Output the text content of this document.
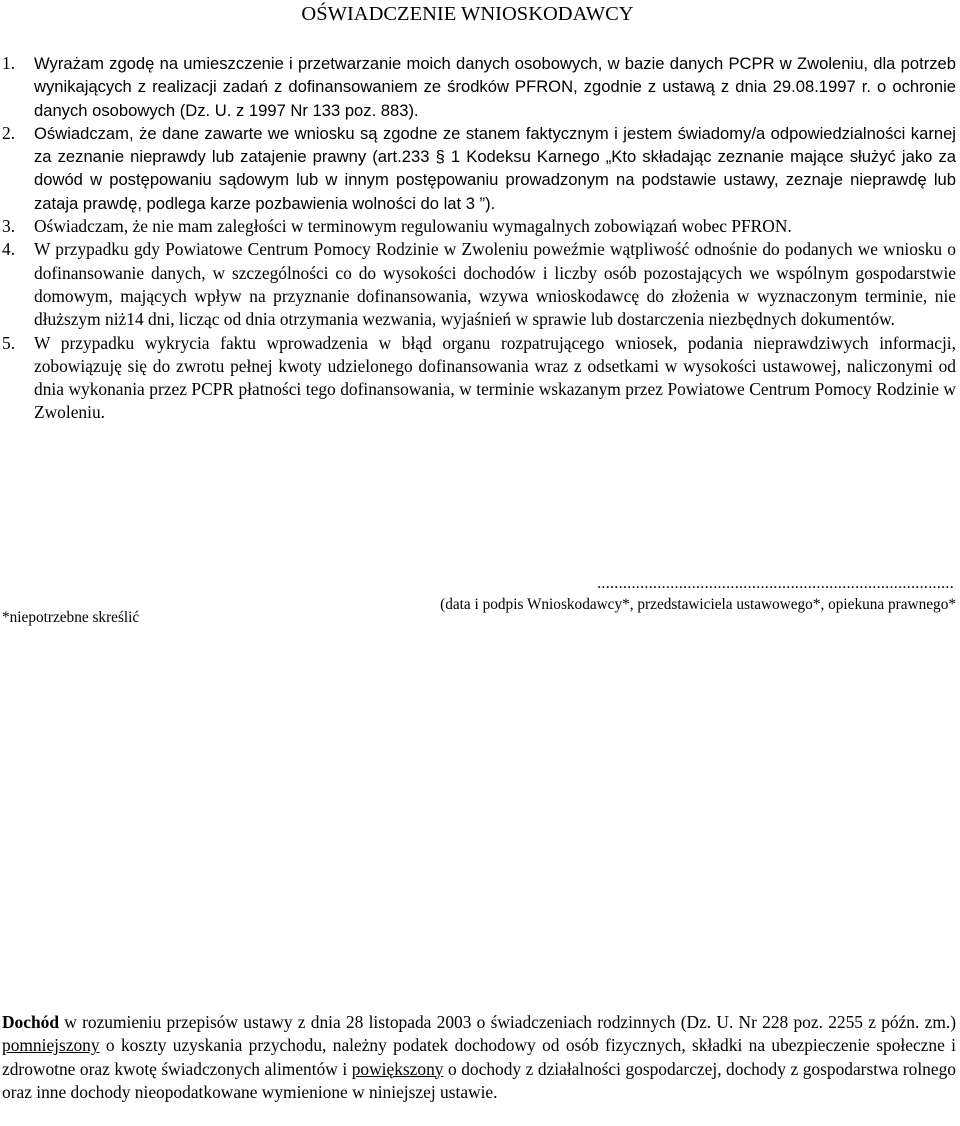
OŚWIADCZENIE WNIOSKODAWCY
1. Wyrażam zgodę na umieszczenie i przetwarzanie moich danych osobowych, w bazie danych PCPR w Zwoleniu, dla potrzeb wynikających z realizacji zadań z dofinansowaniem ze środków PFRON, zgodnie z ustawą z dnia 29.08.1997 r. o ochronie danych osobowych (Dz. U. z 1997 Nr 133 poz. 883).
2. Oświadczam, że dane zawarte we wniosku są zgodne ze stanem faktycznym i jestem świadomy/a odpowiedzialności karnej za zeznanie nieprawdy lub zatajenie prawny (art.233 § 1 Kodeksu Karnego „Kto składając zeznanie mające służyć jako za dowód w postępowaniu sądowym lub w innym postępowaniu prowadzonym na podstawie ustawy, zeznaje nieprawdę lub zataja prawdę, podlega karze pozbawienia wolności do lat 3 ”).
3. Oświadczam, że nie mam zaległości w terminowym regulowaniu wymagalnych zobowiązań wobec PFRON.
4. W przypadku gdy Powiatowe Centrum Pomocy Rodzinie w Zwoleniu poweźmie wątpliwość odnośnie do podanych we wniosku o dofinansowanie danych, w szczególności co do wysokości dochodów i liczby osób pozostających we wspólnym gospodarstwie domowym, mających wpływ na przyznanie dofinansowania, wzywa wnioskodawcę do złożenia w wyznaczonym terminie, nie dłuższym niż14 dni, licząc od dnia otrzymania wezwania, wyjaśnień w sprawie lub dostarczenia niezbędnych dokumentów.
5. W przypadku wykrycia faktu wprowadzenia w błąd organu rozpatrującego wniosek, podania nieprawdziwych informacji, zobowiązuję się do zwrotu pełnej kwoty udzielonego dofinansowania wraz z odsetkami w wysokości ustawowej, naliczonymi od dnia wykonania przez PCPR płatności tego dofinansowania, w terminie wskazanym przez Powiatowe Centrum Pomocy Rodzinie w Zwoleniu.
...................................................................................
(data i podpis Wnioskodawcy*, przedstawiciela ustawowego*, opiekuna prawnego*
*niepotrzebne skreślić

Dochód w rozumieniu przepisów ustawy z dnia 28 listopada 2003 o świadczeniach rodzinnych (Dz. U. Nr 228 poz. 2255 z późn. zm.) pomniejszony o koszty uzyskania przychodu, należny podatek dochodowy od osób fizycznych, składki na ubezpieczenie społeczne i zdrowotne oraz kwotę świadczonych alimentów i powiększony o dochody z działalności gospodarczej, dochody z gospodarstwa rolnego oraz inne dochody nieopodatkowane wymienione w niniejszej ustawie.
